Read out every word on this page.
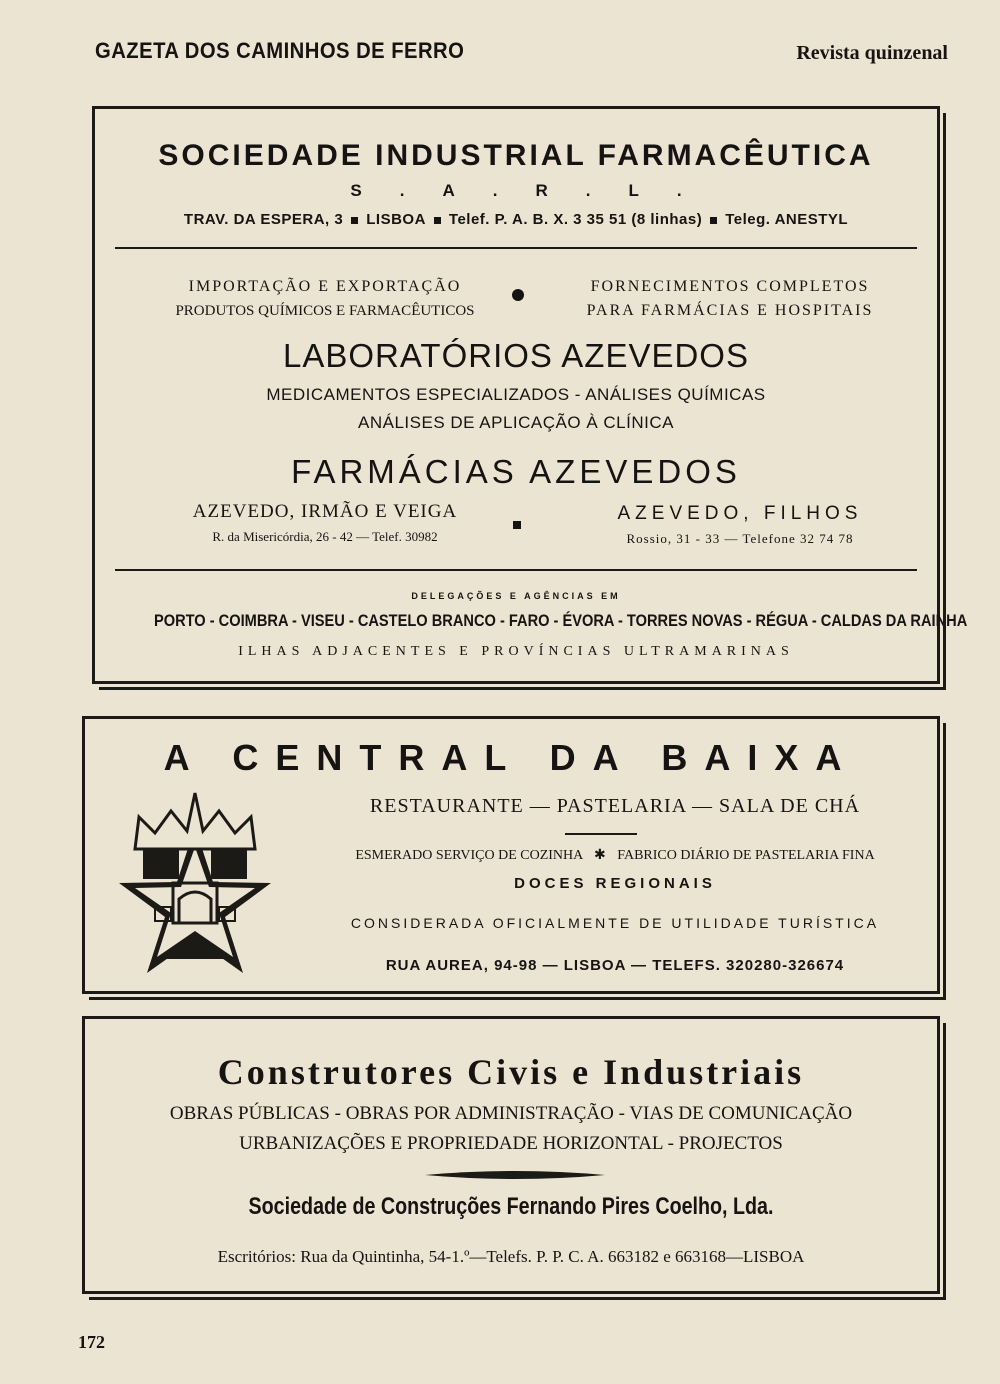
GAZETA DOS CAMINHOS DE FERRO	Revista quinzenal
SOCIEDADE INDUSTRIAL FARMACÊUTICA
S.A.R.L.
TRAV. DA ESPERA, 3 LISBOA Telef. P. A. B. X. 3 35 51 (8 linhas) Teleg. ANESTYL
IMPORTAÇÃO E EXPORTAÇÃO
PRODUTOS QUÍMICOS E FARMACÊUTICOS
FORNECIMENTOS COMPLETOS
PARA FARMÁCIAS E HOSPITAIS
LABORATÓRIOS AZEVEDOS
MEDICAMENTOS ESPECIALIZADOS - ANÁLISES QUÍMICAS
ANÁLISES DE APLICAÇÃO À CLÍNICA
FARMÁCIAS AZEVEDOS
AZEVEDO, IRMÃO E VEIGA
R. da Misericórdia, 26 - 42 — Telef. 30982
AZEVEDO, FILHOS
Rossio, 31 - 33 — Telefone 32 74 78
DELEGAÇÕES E AGÊNCIAS EM
PORTO - COIMBRA - VISEU - CASTELO BRANCO - FARO - ÉVORA - TORRES NOVAS - RÉGUA - CALDAS DA RAINHA
ILHAS ADJACENTES E PROVÍNCIAS ULTRAMARINAS
A CENTRAL DA BAIXA
RESTAURANTE — PASTELARIA — SALA DE CHÁ
ESMERADO SERVIÇO DE COZINHA ✱ FABRICO DIÁRIO DE PASTELARIA FINA
DOCES REGIONAIS
CONSIDERADA OFICIALMENTE DE UTILIDADE TURÍSTICA
RUA AUREA, 94-98 — LISBOA — TELEFS. 320280-326674
Construtores Civis e Industriais
OBRAS PÚBLICAS - OBRAS POR ADMINISTRAÇÃO - VIAS DE COMUNICAÇÃO
URBANIZAÇÕES E PROPRIEDADE HORIZONTAL - PROJECTOS
Sociedade de Construções Fernando Pires Coelho, Lda.
Escritórios: Rua da Quintinha, 54-1.º—Telefs. P. P. C. A. 663182 e 663168—LISBOA
172
